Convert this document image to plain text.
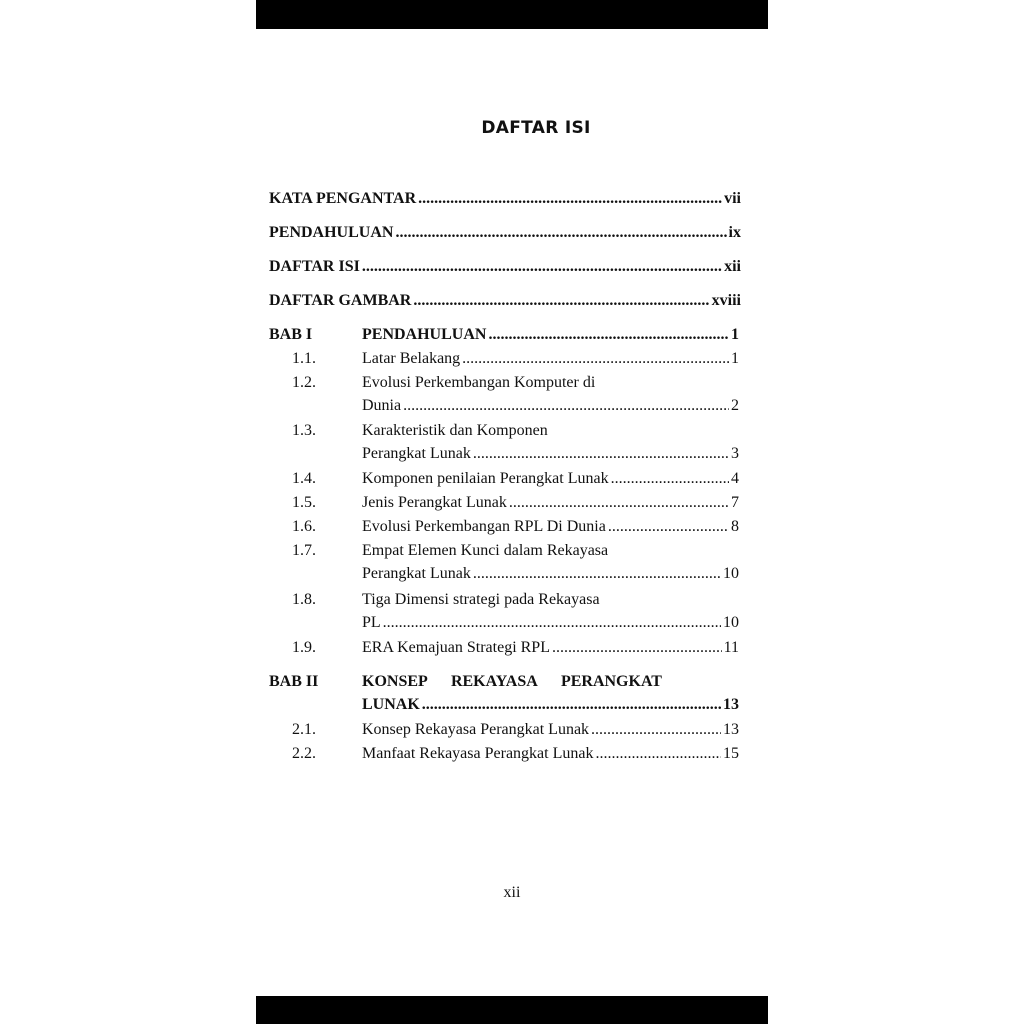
DAFTAR ISI
KATA PENGANTAR .....	vii
PENDAHULUAN .....	ix
DAFTAR ISI .....	xii
DAFTAR GAMBAR .....	xviii
BAB I	PENDAHULUAN .....	1
1.1.	Latar Belakang .....	1
1.2.	Evolusi Perkembangan Komputer di
Dunia .....	2
1.3.	Karakteristik dan Komponen
Perangkat Lunak .....	3
1.4.	Komponen penilaian Perangkat Lunak .....	4
1.5.	Jenis Perangkat Lunak .....	7
1.6.	Evolusi Perkembangan RPL Di Dunia .....	8
1.7.	Empat Elemen Kunci dalam Rekayasa
Perangkat Lunak .....	10
1.8.	Tiga Dimensi strategi pada Rekayasa
PL .....	10
1.9.	ERA Kemajuan Strategi RPL .....	11
BAB II	KONSEP REKAYASA PERANGKAT
LUNAK .....	13
2.1.	Konsep Rekayasa Perangkat Lunak .....	13
2.2.	Manfaat Rekayasa Perangkat Lunak .....	15
xii
